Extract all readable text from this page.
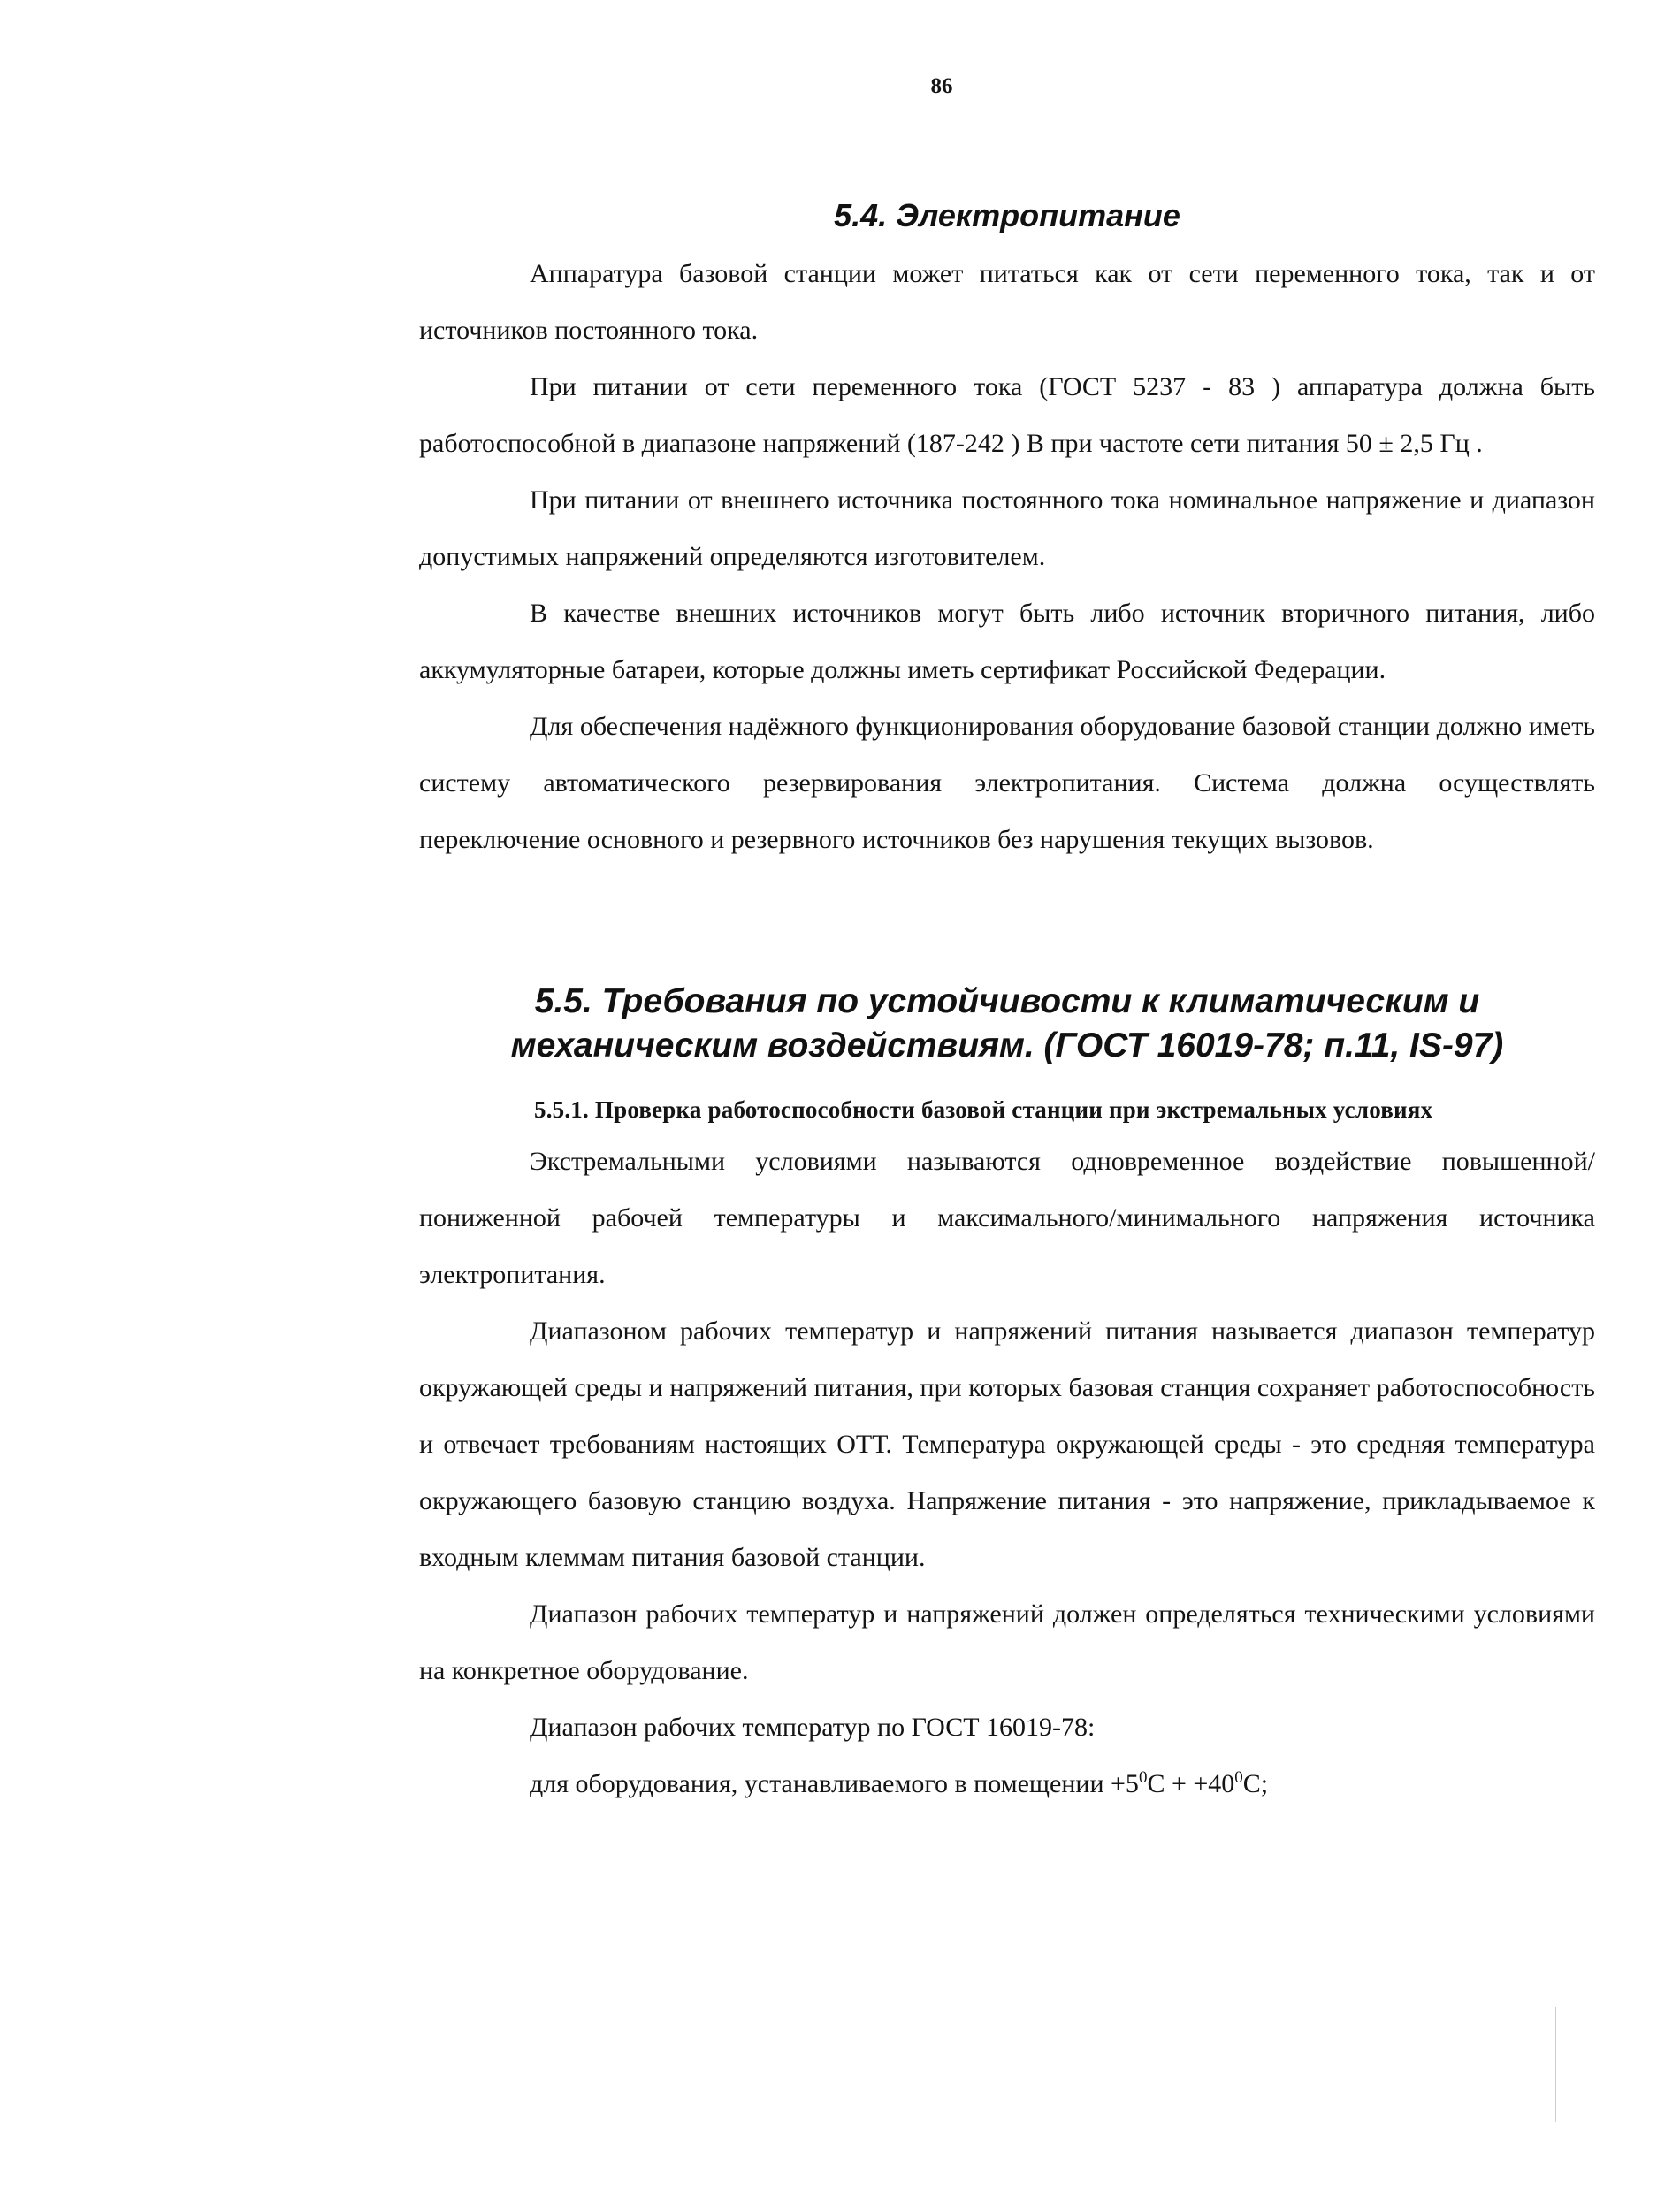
86
5.4. Электропитание

Аппаратура базовой станции может питаться как от сети переменного тока, так и от источников постоянного тока.

При питании от сети переменного тока (ГОСТ 5237 - 83 ) аппаратура должна быть работоспособной в диапазоне напряжений (187-242 ) В при частоте сети питания 50 ± 2,5 Гц .

При питании от внешнего источника постоянного тока номинальное напряжение и диапазон допустимых напряжений определяются изготовителем.

В качестве внешних источников могут быть либо источник вторичного питания, либо аккумуляторные батареи, которые должны иметь сертификат Российской Федерации.

Для обеспечения надёжного функционирования оборудование базовой станции должно иметь систему автоматического резервирования электропитания. Система должна осуществлять переключение основного и резервного источников без нарушения текущих вызовов.

5.5. Требования по устойчивости к климатическим и
механическим воздействиям. (ГОСТ 16019-78; п.11, IS-97)
5.5.1. Проверка работоспособности базовой станции при экстремальных условиях

Экстремальными условиями называются одновременное воздействие повышенной/пониженной рабочей температуры и максимального/минимального напряжения источника электропитания.

Диапазоном рабочих температур и напряжений питания называется диапазон температур окружающей среды и напряжений питания, при которых базовая станция сохраняет работоспособность и отвечает требованиям настоящих ОТТ. Температура окружающей среды - это средняя температура окружающего базовую станцию воздуха. Напряжение питания - это напряжение, прикладываемое к входным клеммам питания базовой станции.

Диапазон рабочих температур и напряжений должен определяться техническими условиями на конкретное оборудование.

Диапазон рабочих температур по ГОСТ 16019-78:

для оборудования, устанавливаемого в помещении $+5^0С + +40^0С$;
